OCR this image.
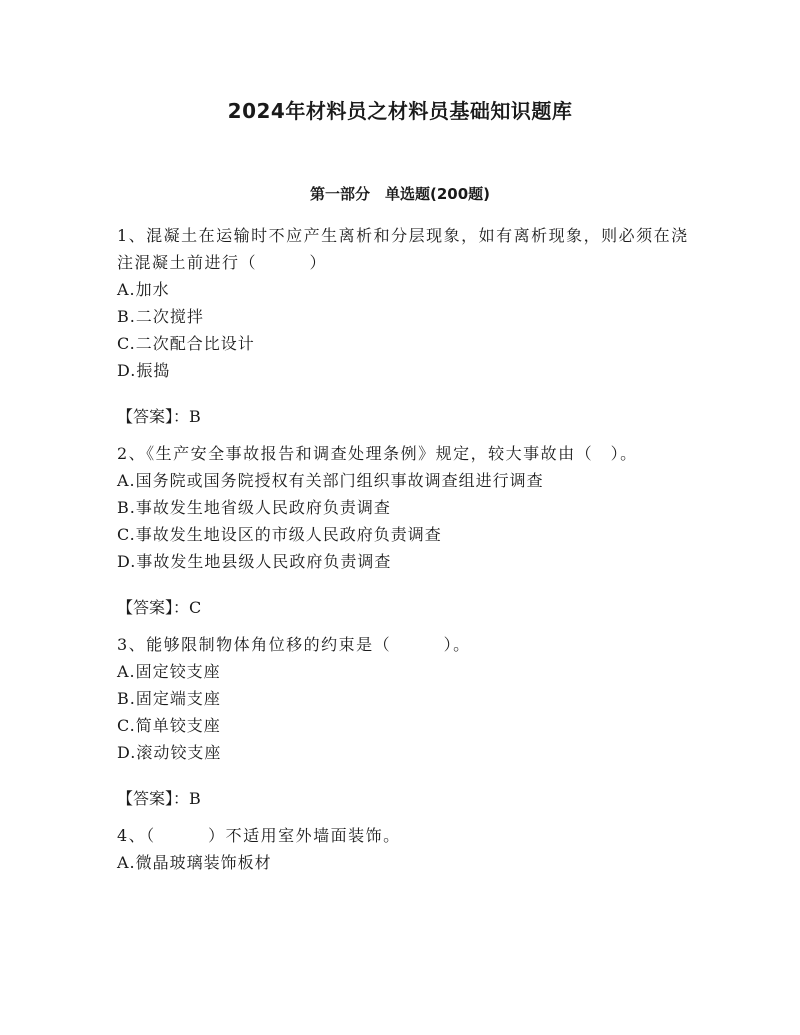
2024年材料员之材料员基础知识题库
第一部分　单选题(200题)
1、混凝土在运输时不应产生离析和分层现象，如有离析现象，则必须在浇注混凝土前进行（　　　）
A.加水
B.二次搅拌
C.二次配合比设计
D.振捣
【答案】：B
2、《生产安全事故报告和调查处理条例》规定，较大事故由（　）。
A.国务院或国务院授权有关部门组织事故调查组进行调查
B.事故发生地省级人民政府负责调查
C.事故发生地设区的市级人民政府负责调查
D.事故发生地县级人民政府负责调查
【答案】：C
3、能够限制物体角位移的约束是（　　　）。
A.固定铰支座
B.固定端支座
C.简单铰支座
D.滚动铰支座
【答案】：B
4、（　　　）不适用室外墙面装饰。
A.微晶玻璃装饰板材
